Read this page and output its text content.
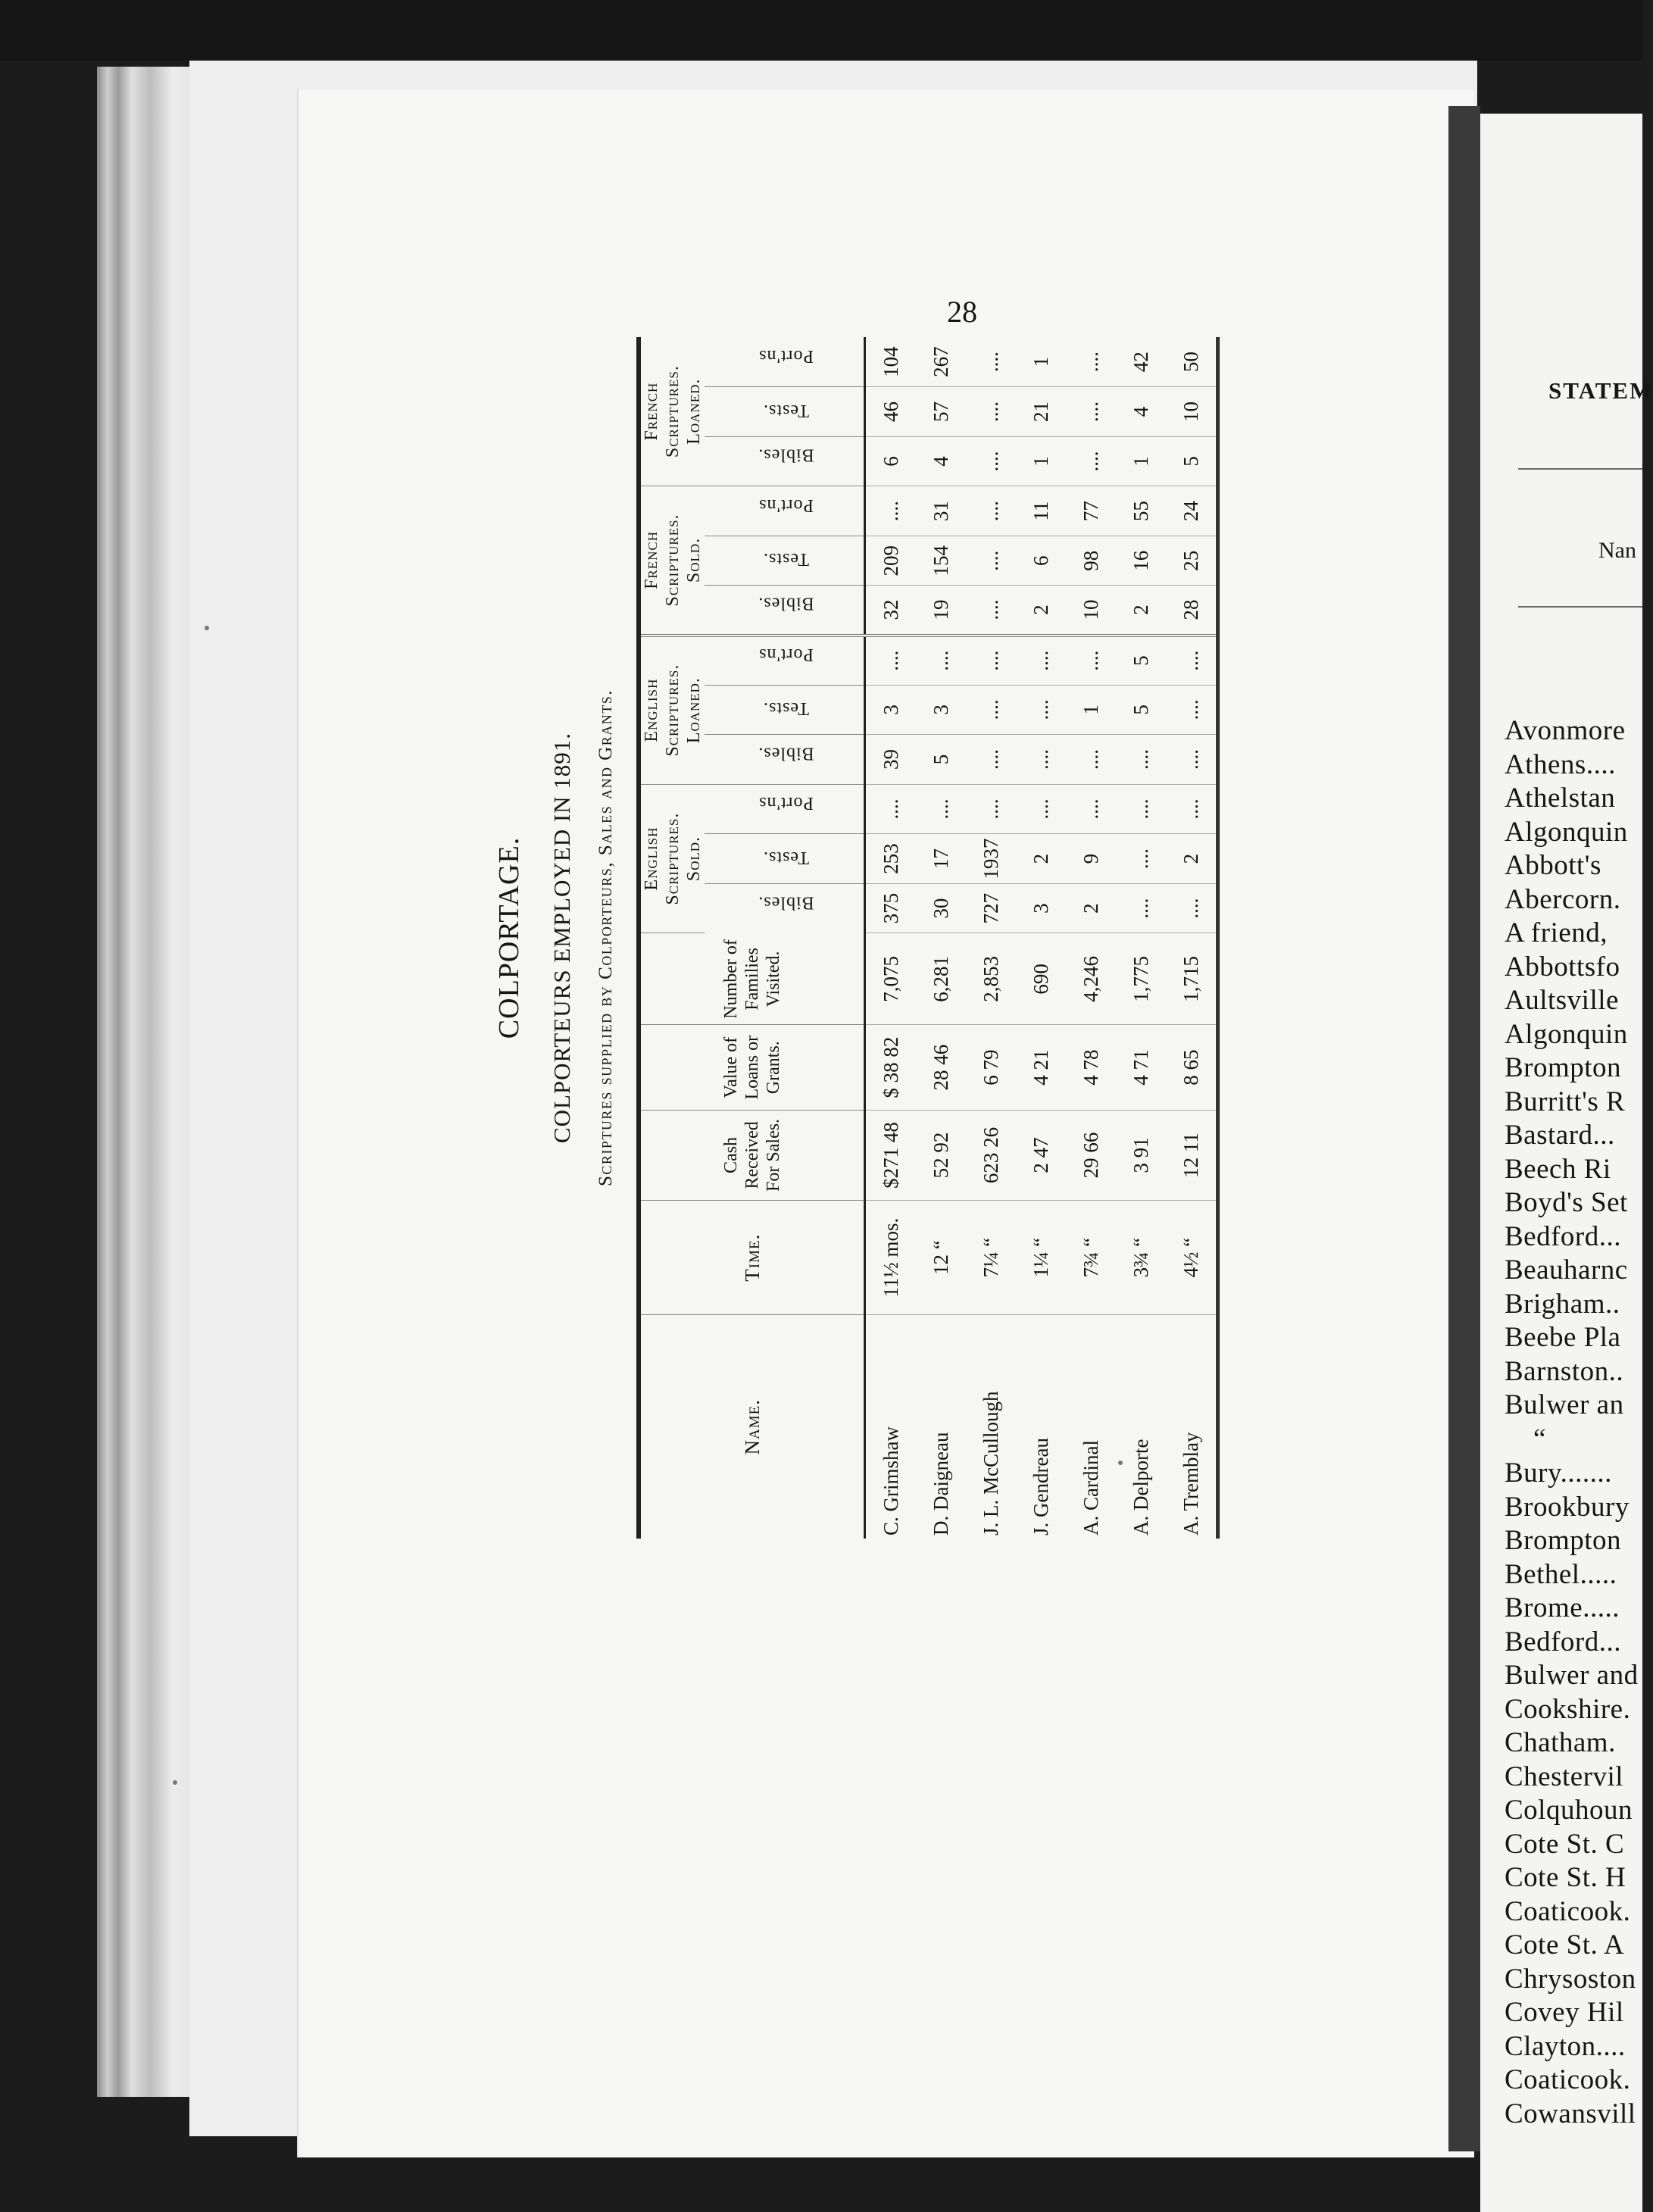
28
COLPORTAGE. COLPORTEURS EMPLOYED IN 1891. Scriptures supplied by Colporteurs, Sales and Grants.
Name.	Time.	Cash Received For Sales.	Value of Loans or Grants.	Number of Families Visited.	English Scriptures. Sold.			English Scriptures. Loaned.			French Scriptures. Sold.			French Scriptures. Loaned.		
					Bibles.	Tests.	Port'ns	Bibles.	Tests.	Port'ns	Bibles.	Tests.	Port'ns	Bibles.	Tests.	Port'ns
C. Grimshaw	11½ mos.	$271 48	$ 38 82	7,075	375	253	....	39	3	....	32	209	....	6	46	104
D. Daigneau	12 “	52 92	28 46	6,281	30	17	....	5	3	....	19	154	31	4	57	267
J. L. McCullough	7¼ “	623 26	6 79	2,853	727	1937	....	....	....	....	....	....	....	....	....	....
J. Gendreau	1¼ “	2 47	4 21	690	3	2	....	....	....	....	2	6	11	1	21	1
A. Cardinal	7¾ “	29 66	4 78	4,246	2	9	....	....	1	....	10	98	77	....	....	....
A. Delporte	3¾ “	3 91	4 71	1,775	....	....	....	....	5	5	2	16	55	1	4	42
A. Tremblay	4½ “	12 11	8 65	1,715	....	2	....	....	....	....	28	25	24	5	10	50
STATEM
Nan
Avonmore
Athens....
Athelstan
Algonquin
Abbott's
Abercorn.
A friend,
Abbottsfo
Aultsville
Algonquin
Brompton
Burritt's R
Bastard...
Beech Ri
Boyd's Set
Bedford...
Beauharnc
Brigham..
Beebe Pla
Barnston..
Bulwer an
“
Bury.......
Brookbury
Brompton
Bethel.....
Brome.....
Bedford...
Bulwer and
Cookshire.
Chatham.
Chestervil
Colquhoun
Cote St. C
Cote St. H
Coaticook.
Cote St. A
Chrysoston
Covey Hil
Clayton....
Coaticook.
Cowansvill
